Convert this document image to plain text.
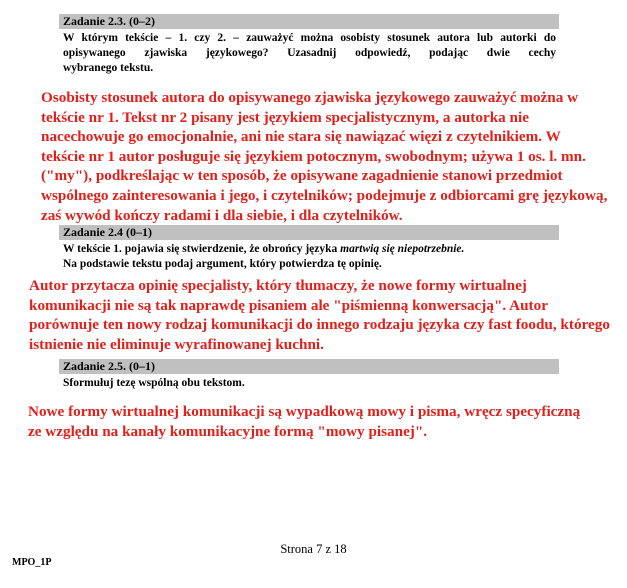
Zadanie 2.3. (0–2)
W którym tekście – 1. czy 2. – zauważyć można osobisty stosunek autora lub autorki do
opisywanego zjawiska językowego? Uzasadnij odpowiedź, podając dwie cechy
wybranego tekstu.
Osobisty stosunek autora do opisywanego zjawiska językowego zauważyć można w
tekście nr 1. Tekst nr 2 pisany jest językiem specjalistycznym, a autorka nie
nacechowuje go emocjonalnie, ani nie stara się nawiązać więzi z czytelnikiem. W
tekście nr 1 autor posługuje się językiem potocznym, swobodnym; używa 1 os. l. mn.
("my"), podkreślając w ten sposób, że opisywane zagadnienie stanowi przedmiot
wspólnego zainteresowania i jego, i czytelników; podejmuje z odbiorcami grę językową,
zaś wywód kończy radami i dla siebie, i dla czytelników.
Zadanie 2.4 (0–1)
W tekście 1. pojawia się stwierdzenie, że obrońcy języka martwią się niepotrzebnie.
Na podstawie tekstu podaj argument, który potwierdza tę opinię.
Autor przytacza opinię specjalisty, który tłumaczy, że nowe formy wirtualnej
komunikacji nie są tak naprawdę pisaniem ale "piśmienną konwersacją". Autor
porównuje ten nowy rodzaj komunikacji do innego rodzaju języka czy fast foodu, którego
istnienie nie eliminuje wyrafinowanej kuchni.
Zadanie 2.5. (0–1)
Sformułuj tezę wspólną obu tekstom.
Nowe formy wirtualnej komunikacji są wypadkową mowy i pisma, wręcz specyficzną
ze względu na kanały komunikacyjne formą "mowy pisanej".
Strona 7 z 18
MPO_1P
